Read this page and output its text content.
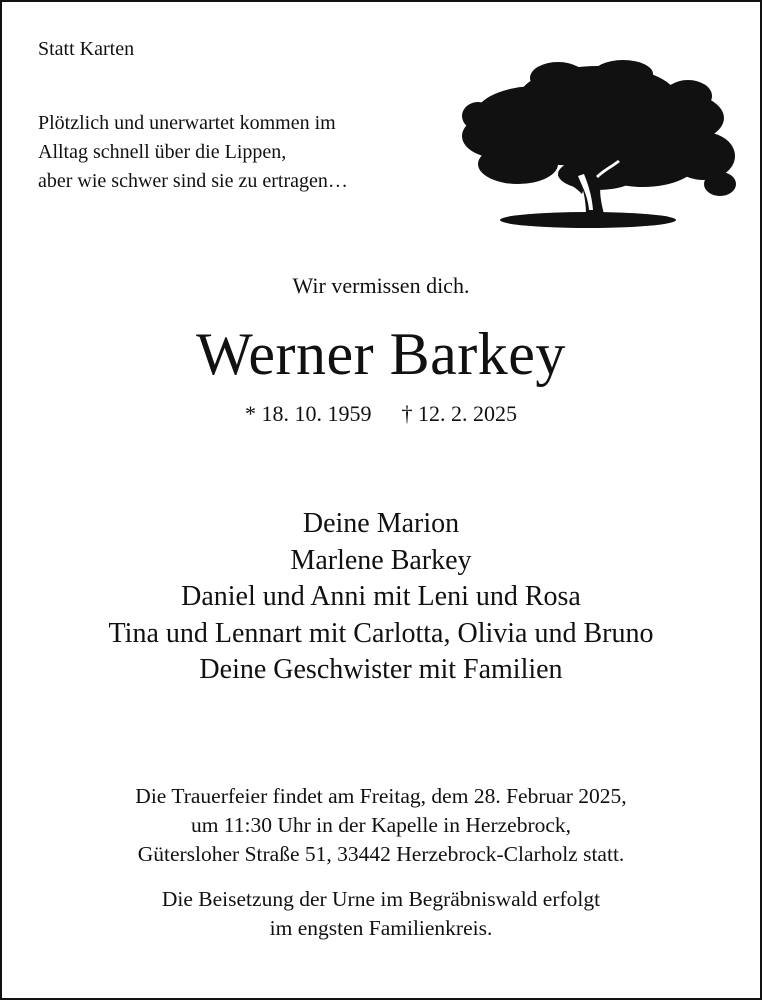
Statt Karten
Plötzlich und unerwartet kommen im
Alltag schnell über die Lippen,
aber wie schwer sind sie zu ertragen…
Wir vermissen dich.
Werner Barkey
* 18. 10. 1959 † 12. 2. 2025
Deine Marion
Marlene Barkey
Daniel und Anni mit Leni und Rosa
Tina und Lennart mit Carlotta, Olivia und Bruno
Deine Geschwister mit Familien
Die Trauerfeier findet am Freitag, dem 28. Februar 2025,
um 11:30 Uhr in der Kapelle in Herzebrock,
Gütersloher Straße 51, 33442 Herzebrock-Clarholz statt.
Die Beisetzung der Urne im Begräbniswald erfolgt
im engsten Familienkreis.
